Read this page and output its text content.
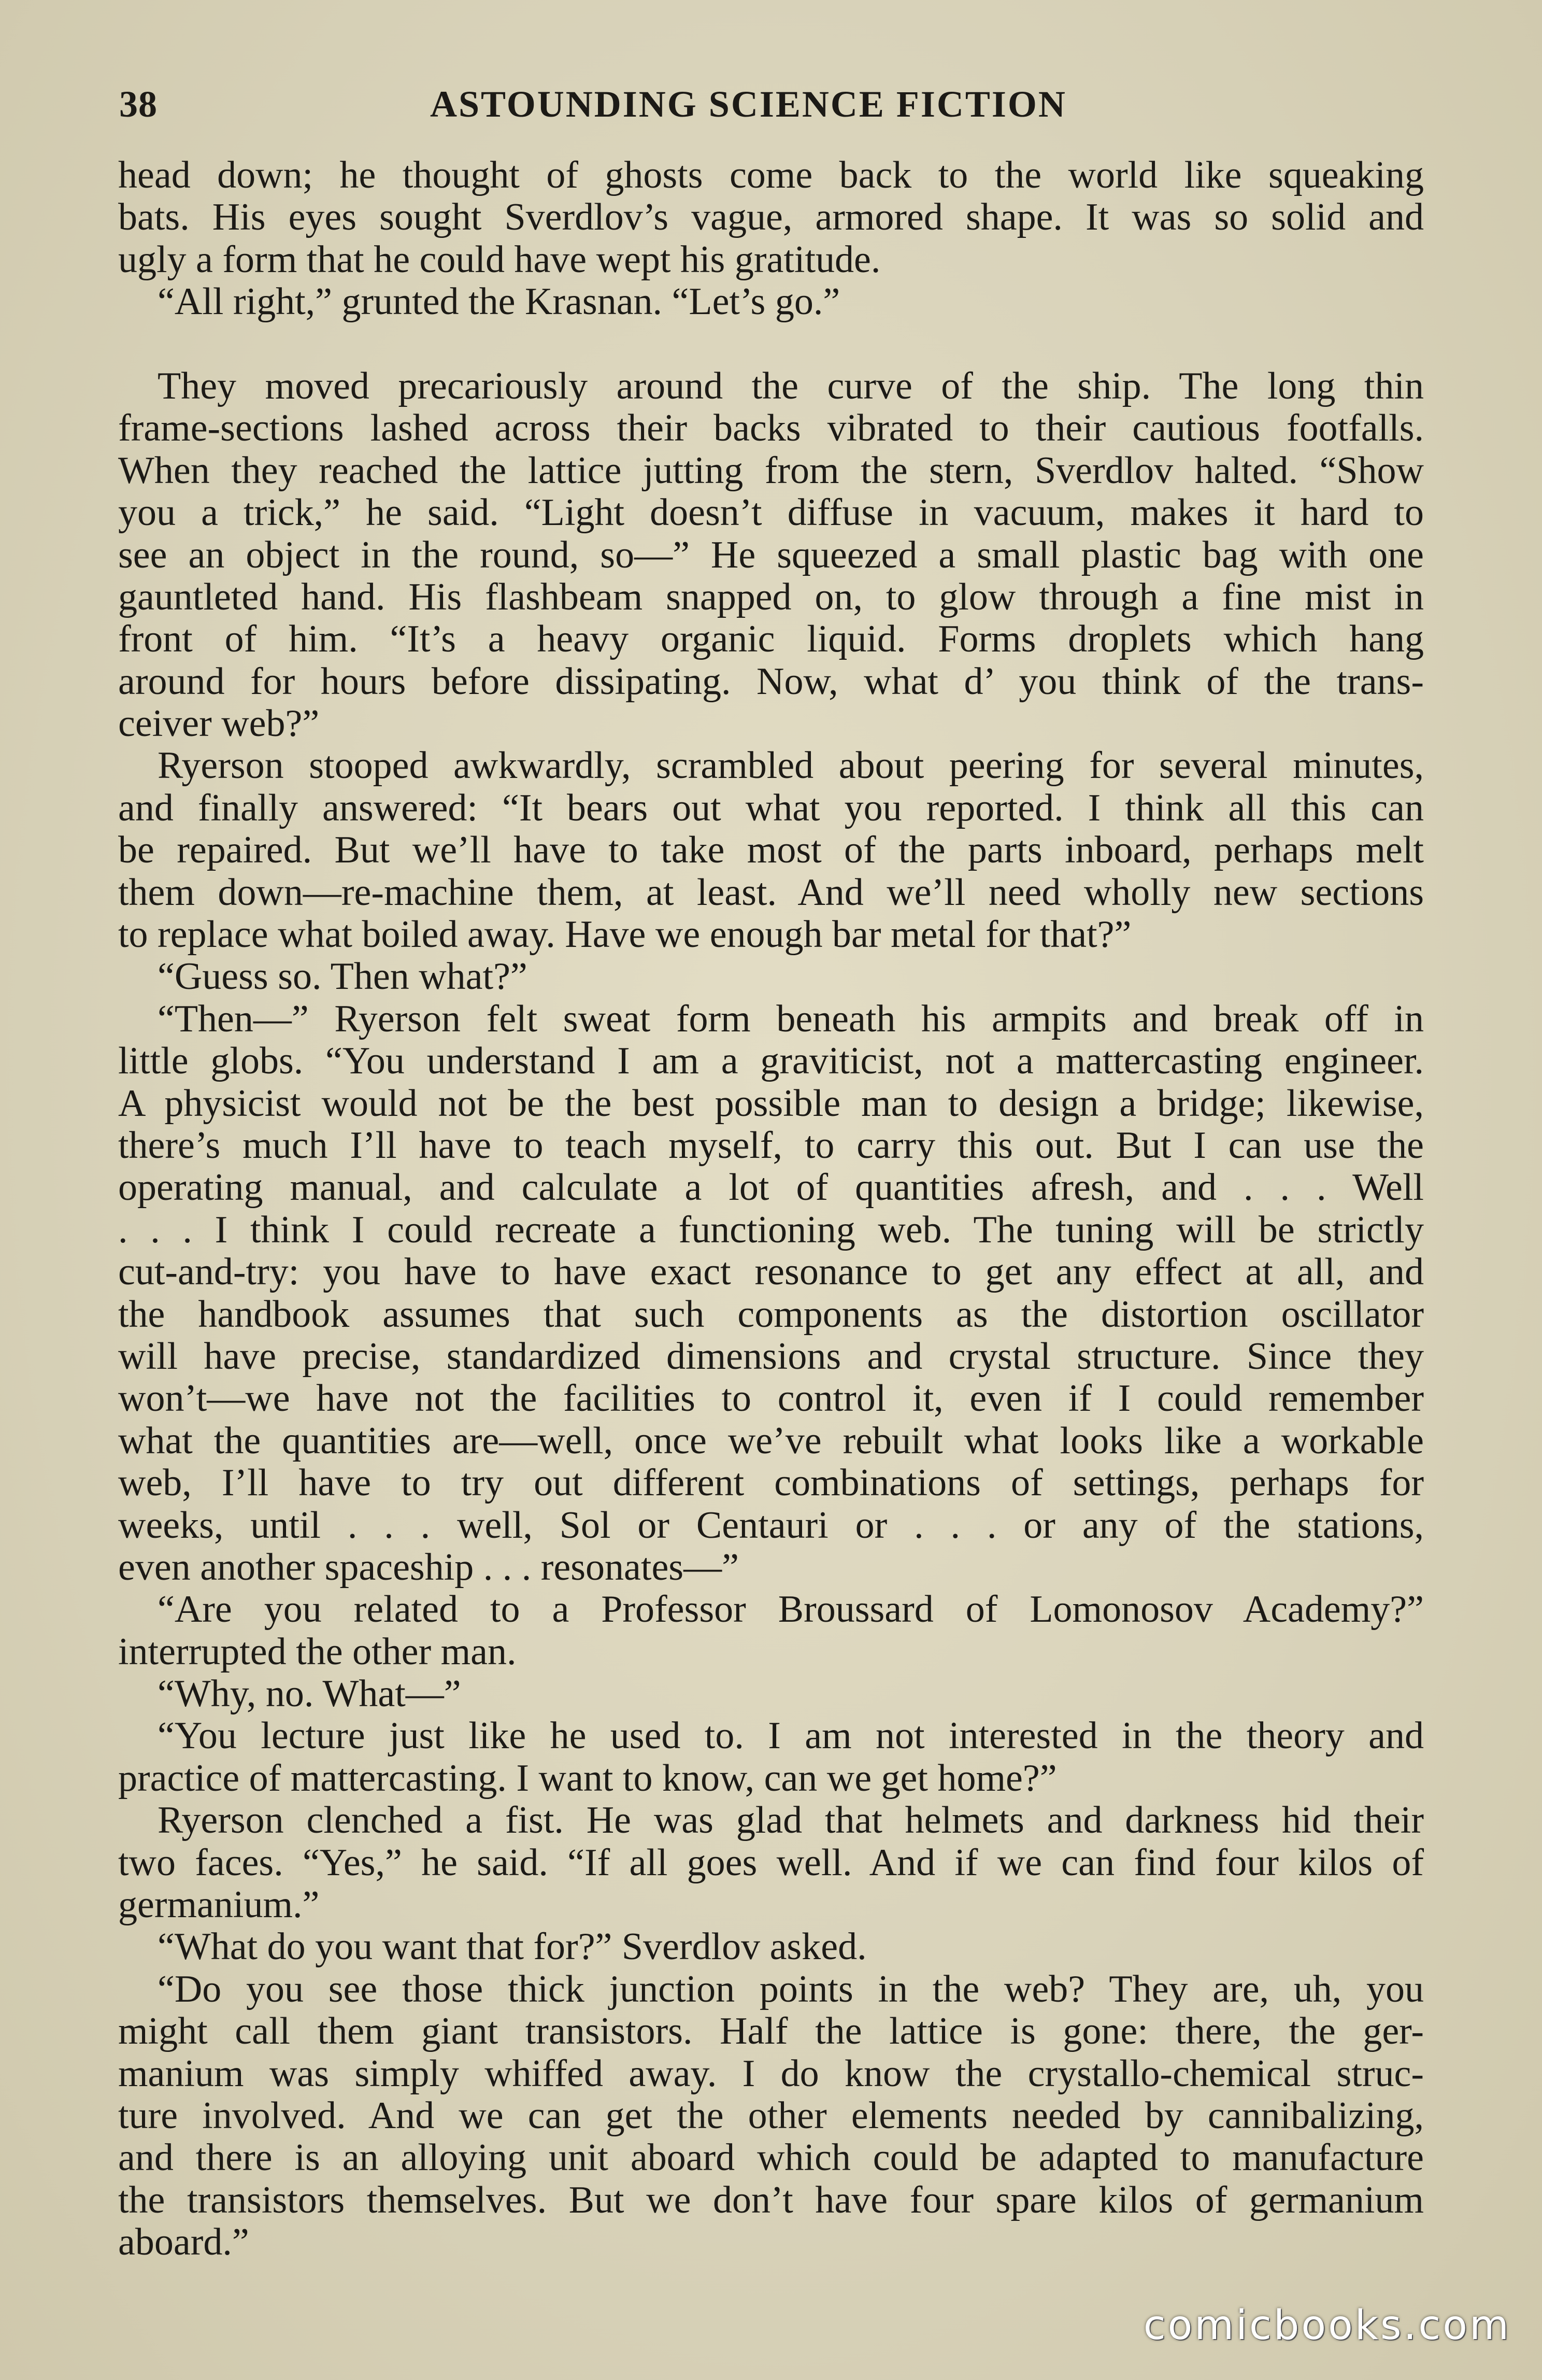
38	ASTOUNDING SCIENCE FICTION
head down; he thought of ghosts come back to the world like squeaking
bats. His eyes sought Sverdlov’s vague, armored shape. It was so solid and
ugly a form that he could have wept his gratitude.
“All right,” grunted the Krasnan. “Let’s go.”
They moved precariously around the curve of the ship. The long thin
frame-sections lashed across their backs vibrated to their cautious footfalls.
When they reached the lattice jutting from the stern, Sverdlov halted. “Show
you a trick,” he said. “Light doesn’t diffuse in vacuum, makes it hard to
see an object in the round, so—” He squeezed a small plastic bag with one
gauntleted hand. His flashbeam snapped on, to glow through a fine mist in
front of him. “It’s a heavy organic liquid. Forms droplets which hang
around for hours before dissipating. Now, what d’ you think of the trans-
ceiver web?”
Ryerson stooped awkwardly, scrambled about peering for several minutes,
and finally answered: “It bears out what you reported. I think all this can
be repaired. But we’ll have to take most of the parts inboard, perhaps melt
them down—re-machine them, at least. And we’ll need wholly new sections
to replace what boiled away. Have we enough bar metal for that?”
“Guess so. Then what?”
“Then—” Ryerson felt sweat form beneath his armpits and break off in
little globs. “You understand I am a graviticist, not a mattercasting engineer.
A physicist would not be the best possible man to design a bridge; likewise,
there’s much I’ll have to teach myself, to carry this out. But I can use the
operating manual, and calculate a lot of quantities afresh, and . . . Well
. . . I think I could recreate a functioning web. The tuning will be strictly
cut-and-try: you have to have exact resonance to get any effect at all, and
the handbook assumes that such components as the distortion oscillator
will have precise, standardized dimensions and crystal structure. Since they
won’t—we have not the facilities to control it, even if I could remember
what the quantities are—well, once we’ve rebuilt what looks like a workable
web, I’ll have to try out different combinations of settings, perhaps for
weeks, until . . . well, Sol or Centauri or . . . or any of the stations,
even another spaceship . . . resonates—”
“Are you related to a Professor Broussard of Lomonosov Academy?”
interrupted the other man.
“Why, no. What—”
“You lecture just like he used to. I am not interested in the theory and
practice of mattercasting. I want to know, can we get home?”
Ryerson clenched a fist. He was glad that helmets and darkness hid their
two faces. “Yes,” he said. “If all goes well. And if we can find four kilos of
germanium.”
“What do you want that for?” Sverdlov asked.
“Do you see those thick junction points in the web? They are, uh, you
might call them giant transistors. Half the lattice is gone: there, the ger-
manium was simply whiffed away. I do know the crystallo-chemical struc-
ture involved. And we can get the other elements needed by cannibalizing,
and there is an alloying unit aboard which could be adapted to manufacture
the transistors themselves. But we don’t have four spare kilos of germanium
aboard.”
comicbooks.com
